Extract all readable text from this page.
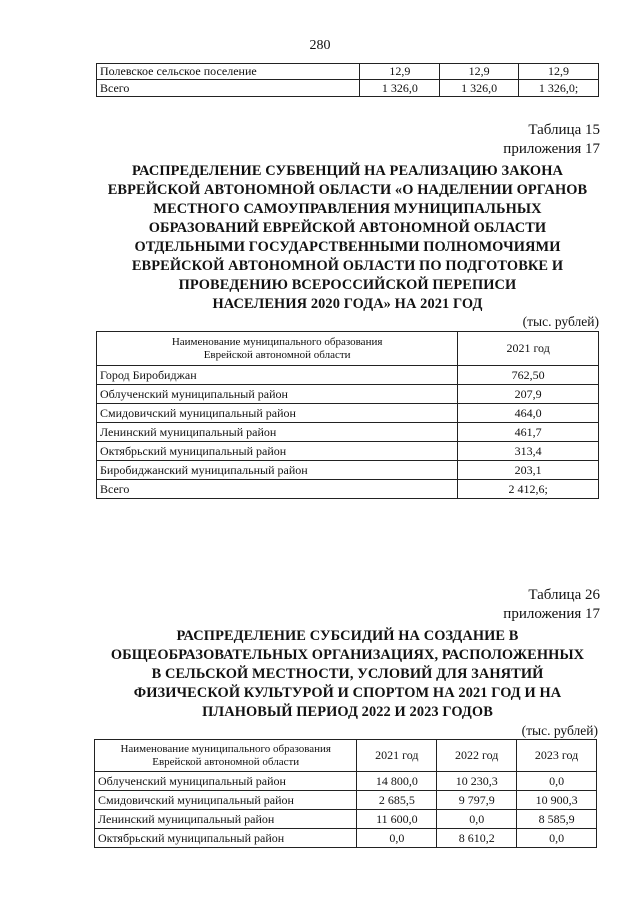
280
Полевское сельское поселение	12,9	12,9	12,9
Всего	1 326,0	1 326,0	1 326,0;
Таблица 15
приложения 17
РАСПРЕДЕЛЕНИЕ СУБВЕНЦИЙ НА РЕАЛИЗАЦИЮ ЗАКОНА
ЕВРЕЙСКОЙ АВТОНОМНОЙ ОБЛАСТИ «О НАДЕЛЕНИИ ОРГАНОВ
МЕСТНОГО САМОУПРАВЛЕНИЯ МУНИЦИПАЛЬНЫХ
ОБРАЗОВАНИЙ ЕВРЕЙСКОЙ АВТОНОМНОЙ ОБЛАСТИ
ОТДЕЛЬНЫМИ ГОСУДАРСТВЕННЫМИ ПОЛНОМОЧИЯМИ
ЕВРЕЙСКОЙ АВТОНОМНОЙ ОБЛАСТИ ПО ПОДГОТОВКЕ И
ПРОВЕДЕНИЮ ВСЕРОССИЙСКОЙ ПЕРЕПИСИ
НАСЕЛЕНИЯ 2020 ГОДА» НА 2021 ГОД
(тыс. рублей)
Наименование муниципального образования
Еврейской автономной области	2021 год
Город Биробиджан	762,50
Облученский муниципальный район	207,9
Смидовичский муниципальный район	464,0
Ленинский муниципальный район	461,7
Октябрьский муниципальный район	313,4
Биробиджанский муниципальный район	203,1
Всего	2 412,6;
Таблица 26
приложения 17
РАСПРЕДЕЛЕНИЕ СУБСИДИЙ НА СОЗДАНИЕ В
ОБЩЕОБРАЗОВАТЕЛЬНЫХ ОРГАНИЗАЦИЯХ, РАСПОЛОЖЕННЫХ
В СЕЛЬСКОЙ МЕСТНОСТИ, УСЛОВИЙ ДЛЯ ЗАНЯТИЙ
ФИЗИЧЕСКОЙ КУЛЬТУРОЙ И СПОРТОМ НА 2021 ГОД И НА
ПЛАНОВЫЙ ПЕРИОД 2022 И 2023 ГОДОВ
(тыс. рублей)
Наименование муниципального образования
Еврейской автономной области	2021 год	2022 год	2023 год
Облученский муниципальный район	14 800,0	10 230,3	0,0
Смидовичский муниципальный район	2 685,5	9 797,9	10 900,3
Ленинский муниципальный район	11 600,0	0,0	8 585,9
Октябрьский муниципальный район	0,0	8 610,2	0,0
